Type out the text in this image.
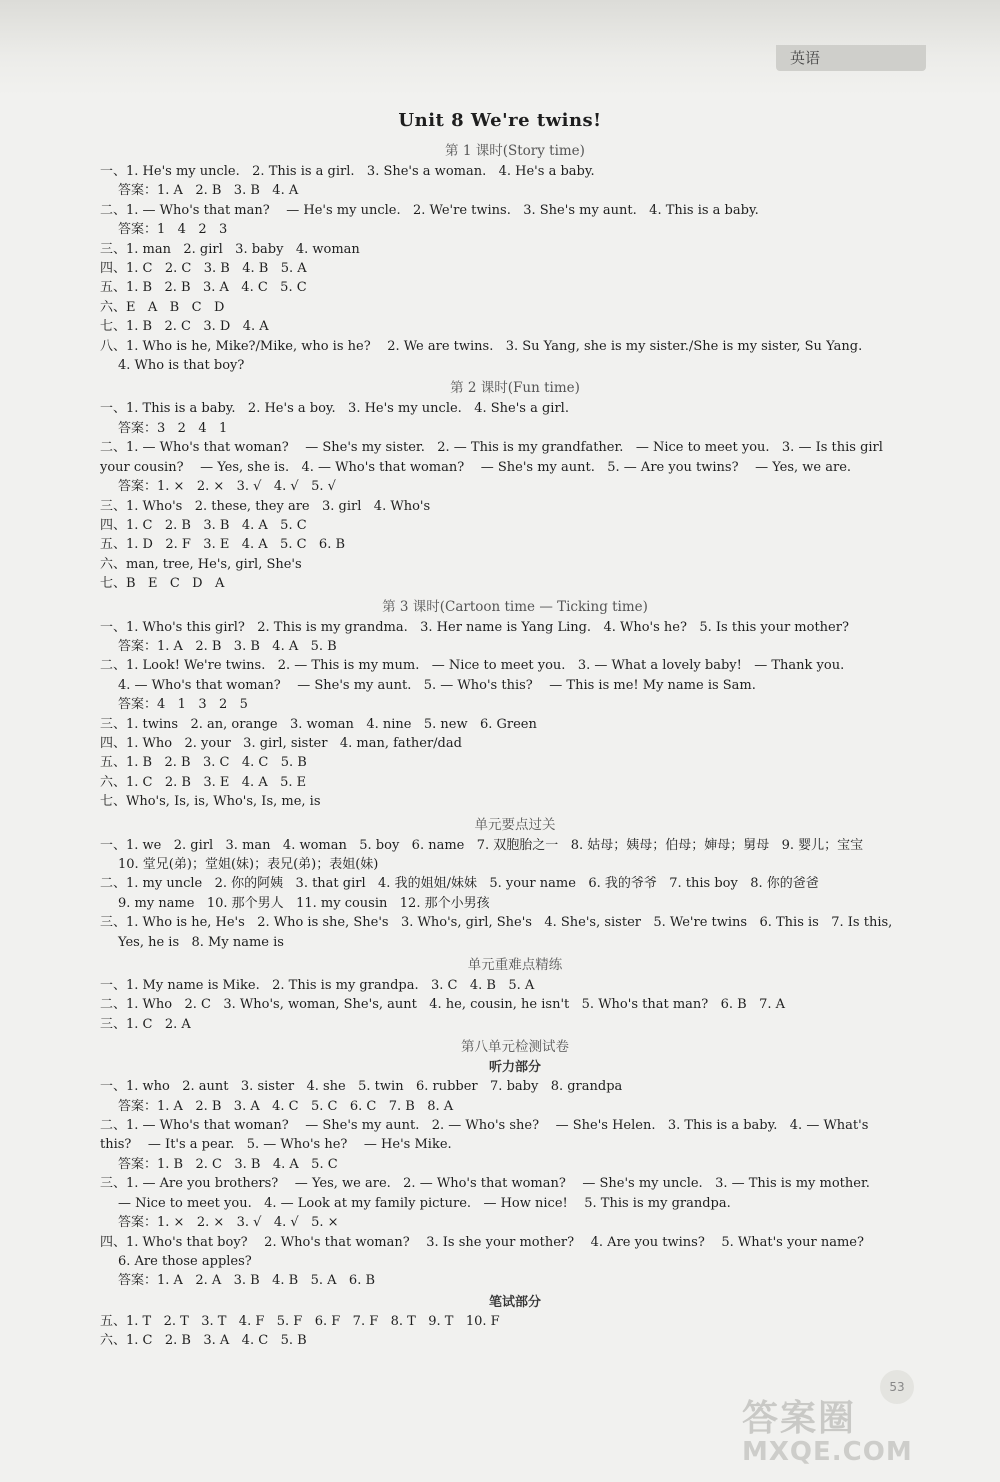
英语
Unit 8 We're twins!
第 1 课时(Story time)
一、1. He's my uncle.   2. This is a girl.   3. She's a woman.   4. He's a baby.
答案：1. A   2. B   3. B   4. A
二、1. — Who's that man?    — He's my uncle.   2. We're twins.   3. She's my aunt.   4. This is a baby.
答案：1   4   2   3
三、1. man   2. girl   3. baby   4. woman
四、1. C   2. C   3. B   4. B   5. A
五、1. B   2. B   3. A   4. C   5. C
六、E   A   B   C   D
七、1. B   2. C   3. D   4. A
八、1. Who is he, Mike?/Mike, who is he?    2. We are twins.   3. Su Yang, she is my sister./She is my sister, Su Yang.
4. Who is that boy?
第 2 课时(Fun time)
一、1. This is a baby.   2. He's a boy.   3. He's my uncle.   4. She's a girl.
答案：3   2   4   1
二、1. — Who's that woman?    — She's my sister.   2. — This is my grandfather.   — Nice to meet you.   3. — Is this girl
your cousin?    — Yes, she is.   4. — Who's that woman?    — She's my aunt.   5. — Are you twins?    — Yes, we are.
答案：1. ×   2. ×   3. √   4. √   5. √
三、1. Who's   2. these, they are   3. girl   4. Who's
四、1. C   2. B   3. B   4. A   5. C
五、1. D   2. F   3. E   4. A   5. C   6. B
六、man, tree, He's, girl, She's
七、B   E   C   D   A
第 3 课时(Cartoon time — Ticking time)
一、1. Who's this girl?   2. This is my grandma.   3. Her name is Yang Ling.   4. Who's he?   5. Is this your mother?
答案：1. A   2. B   3. B   4. A   5. B
二、1. Look! We're twins.   2. — This is my mum.   — Nice to meet you.   3. — What a lovely baby!   — Thank you.
4. — Who's that woman?    — She's my aunt.   5. — Who's this?    — This is me! My name is Sam.
答案：4   1   3   2   5
三、1. twins   2. an, orange   3. woman   4. nine   5. new   6. Green
四、1. Who   2. your   3. girl, sister   4. man, father/dad
五、1. B   2. B   3. C   4. C   5. B
六、1. C   2. B   3. E   4. A   5. E
七、Who's, Is, is, Who's, Is, me, is
单元要点过关
一、1. we   2. girl   3. man   4. woman   5. boy   6. name   7. 双胞胎之一   8. 姑母；姨母；伯母；婶母；舅母   9. 婴儿；宝宝
10. 堂兄(弟)；堂姐(妹)；表兄(弟)；表姐(妹)
二、1. my uncle   2. 你的阿姨   3. that girl   4. 我的姐姐/妹妹   5. your name   6. 我的爷爷   7. this boy   8. 你的爸爸
9. my name   10. 那个男人   11. my cousin   12. 那个小男孩
三、1. Who is he, He's   2. Who is she, She's   3. Who's, girl, She's   4. She's, sister   5. We're twins   6. This is   7. Is this,
Yes, he is   8. My name is
单元重难点精练
一、1. My name is Mike.   2. This is my grandpa.   3. C   4. B   5. A
二、1. Who   2. C   3. Who's, woman, She's, aunt   4. he, cousin, he isn't   5. Who's that man?   6. B   7. A
三、1. C   2. A
第八单元检测试卷
听力部分
一、1. who   2. aunt   3. sister   4. she   5. twin   6. rubber   7. baby   8. grandpa
答案：1. A   2. B   3. A   4. C   5. C   6. C   7. B   8. A
二、1. — Who's that woman?    — She's my aunt.   2. — Who's she?    — She's Helen.   3. This is a baby.   4. — What's
this?    — It's a pear.   5. — Who's he?    — He's Mike.
答案：1. B   2. C   3. B   4. A   5. C
三、1. — Are you brothers?    — Yes, we are.   2. — Who's that woman?    — She's my uncle.   3. — This is my mother.
— Nice to meet you.   4. — Look at my family picture.   — How nice!    5. This is my grandpa.
答案：1. ×   2. ×   3. √   4. √   5. ×
四、1. Who's that boy?    2. Who's that woman?    3. Is she your mother?    4. Are you twins?    5. What's your name?
6. Are those apples?
答案：1. A   2. A   3. B   4. B   5. A   6. B
笔试部分
五、1. T   2. T   3. T   4. F   5. F   6. F   7. F   8. T   9. T   10. F
六、1. C   2. B   3. A   4. C   5. B
53
答案圈
MXQE.COM
